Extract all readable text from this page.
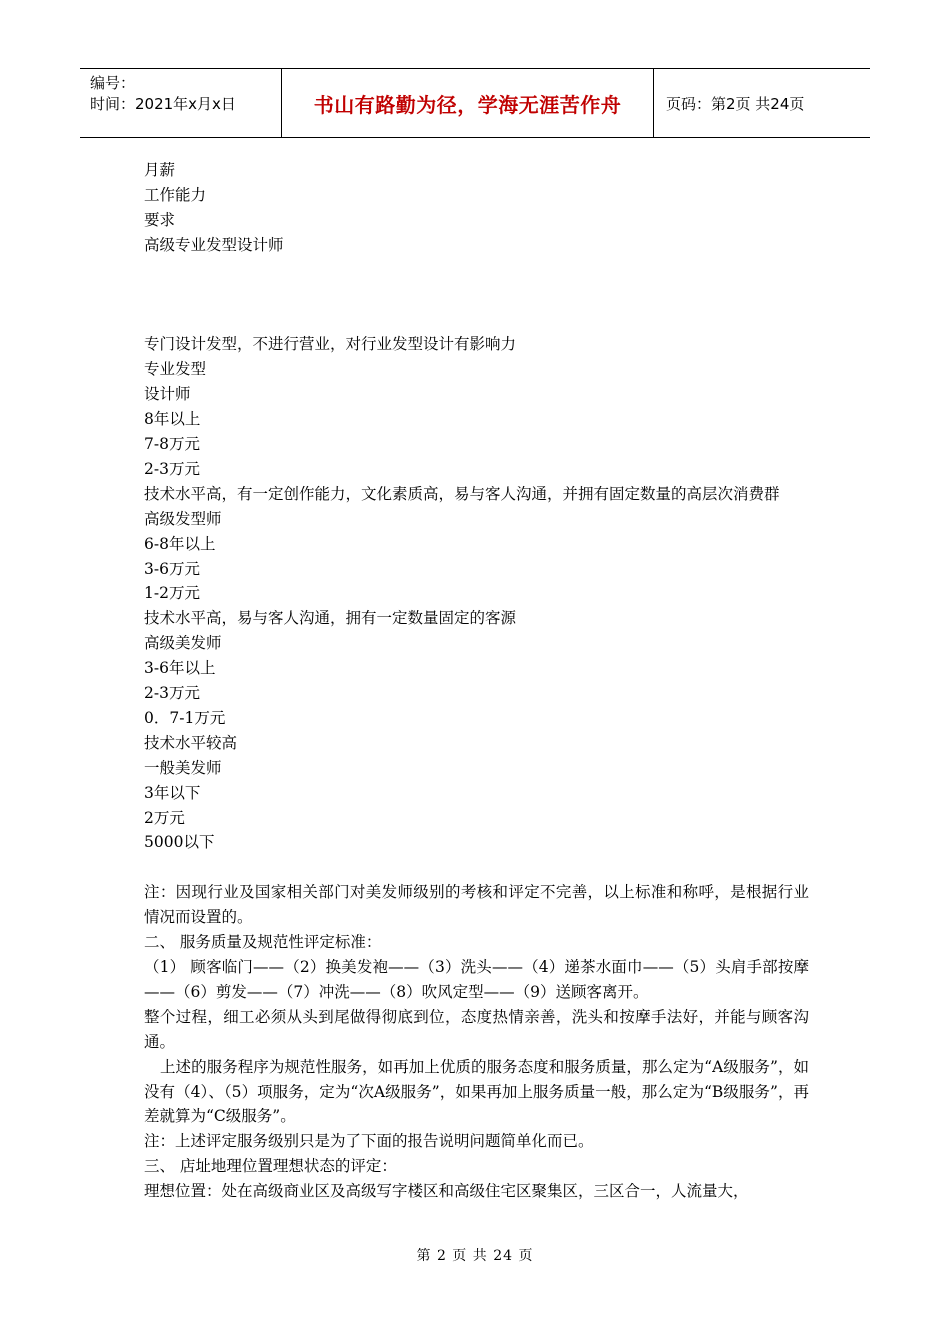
编号：
时间：2021年x月x日	书山有路勤为径，学海无涯苦作舟	页码：第2页 共24页

月薪

工作能力

要求

高级专业发型设计师

专门设计发型，不进行营业，对行业发型设计有影响力

专业发型

设计师

8年以上

7-8万元

2-3万元

技术水平高，有一定创作能力，文化素质高，易与客人沟通，并拥有固定数量的高层次消费群

高级发型师

6-8年以上

3-6万元

1-2万元

技术水平高，易与客人沟通，拥有一定数量固定的客源

高级美发师

3-6年以上

2-3万元

0．7-1万元

技术水平较高

一般美发师

3年以下

2万元

5000以下

注：因现行业及国家相关部门对美发师级别的考核和评定不完善，以上标准和称呼，是根据行业情况而设置的。

二、 服务质量及规范性评定标准：

（1） 顾客临门——（2）换美发袍——（3）洗头——（4）递茶水面巾——（5）头肩手部按摩——（6）剪发——（7）冲洗——（8）吹风定型——（9）送顾客离开。

整个过程，细工必须从头到尾做得彻底到位，态度热情亲善，洗头和按摩手法好，并能与顾客沟通。

上述的服务程序为规范性服务，如再加上优质的服务态度和服务质量，那么定为“A级服务”，如没有（4）、（5）项服务，定为“次A级服务”，如果再加上服务质量一般，那么定为“B级服务”，再差就算为“C级服务”。

注：上述评定服务级别只是为了下面的报告说明问题简单化而已。

三、 店址地理位置理想状态的评定：

理想位置：处在高级商业区及高级写字楼区和高级住宅区聚集区，三区合一，人流量大，

第 2 页 共 24 页
